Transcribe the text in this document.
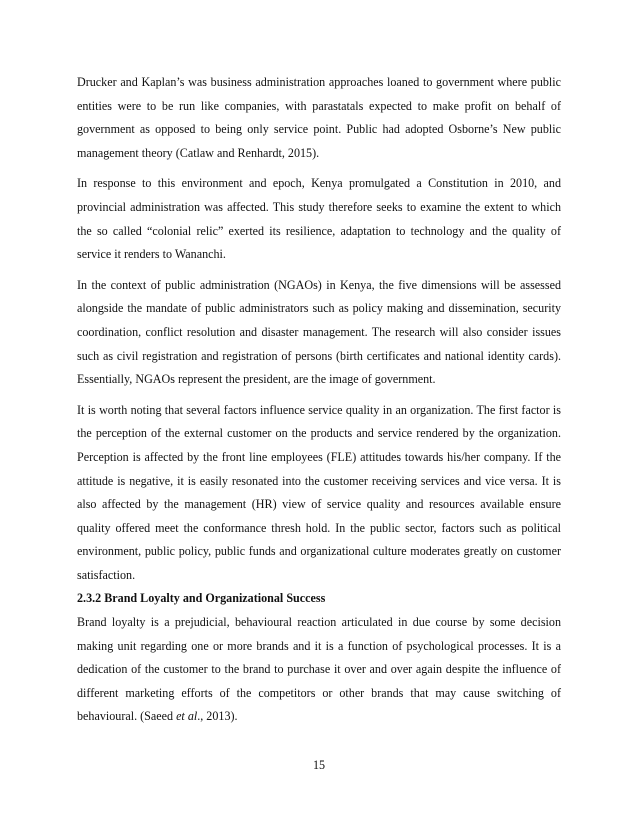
Drucker and Kaplan’s was business administration approaches loaned to government where public entities were to be run like companies, with parastatals expected to make profit on behalf of government as opposed to being only service point. Public had adopted Osborne’s New public management theory (Catlaw and Renhardt, 2015).

In response to this environment and epoch, Kenya promulgated a Constitution in 2010, and provincial administration was affected. This study therefore seeks to examine the extent to which the so called “colonial relic” exerted its resilience, adaptation to technology and the quality of service it renders to Wananchi.

In the context of public administration (NGAOs) in Kenya, the five dimensions will be assessed alongside the mandate of public administrators such as policy making and dissemination, security coordination, conflict resolution and disaster management. The research will also consider issues such as civil registration and registration of persons (birth certificates and national identity cards). Essentially, NGAOs represent the president, are the image of government.

It is worth noting that several factors influence service quality in an organization. The first factor is the perception of the external customer on the products and service rendered by the organization. Perception is affected by the front line employees (FLE) attitudes towards his/her company. If the attitude is negative, it is easily resonated into the customer receiving services and vice versa. It is also affected by the management (HR) view of service quality and resources available ensure quality offered meet the conformance thresh hold. In the public sector, factors such as political environment, public policy, public funds and organizational culture moderates greatly on customer satisfaction.

2.3.2 Brand Loyalty and Organizational Success

Brand loyalty is a prejudicial, behavioural reaction articulated in due course by some decision making unit regarding one or more brands and it is a function of psychological processes. It is a dedication of the customer to the brand to purchase it over and over again despite the influence of different marketing efforts of the competitors or other brands that may cause switching of behavioural. (Saeed et al., 2013).

15
